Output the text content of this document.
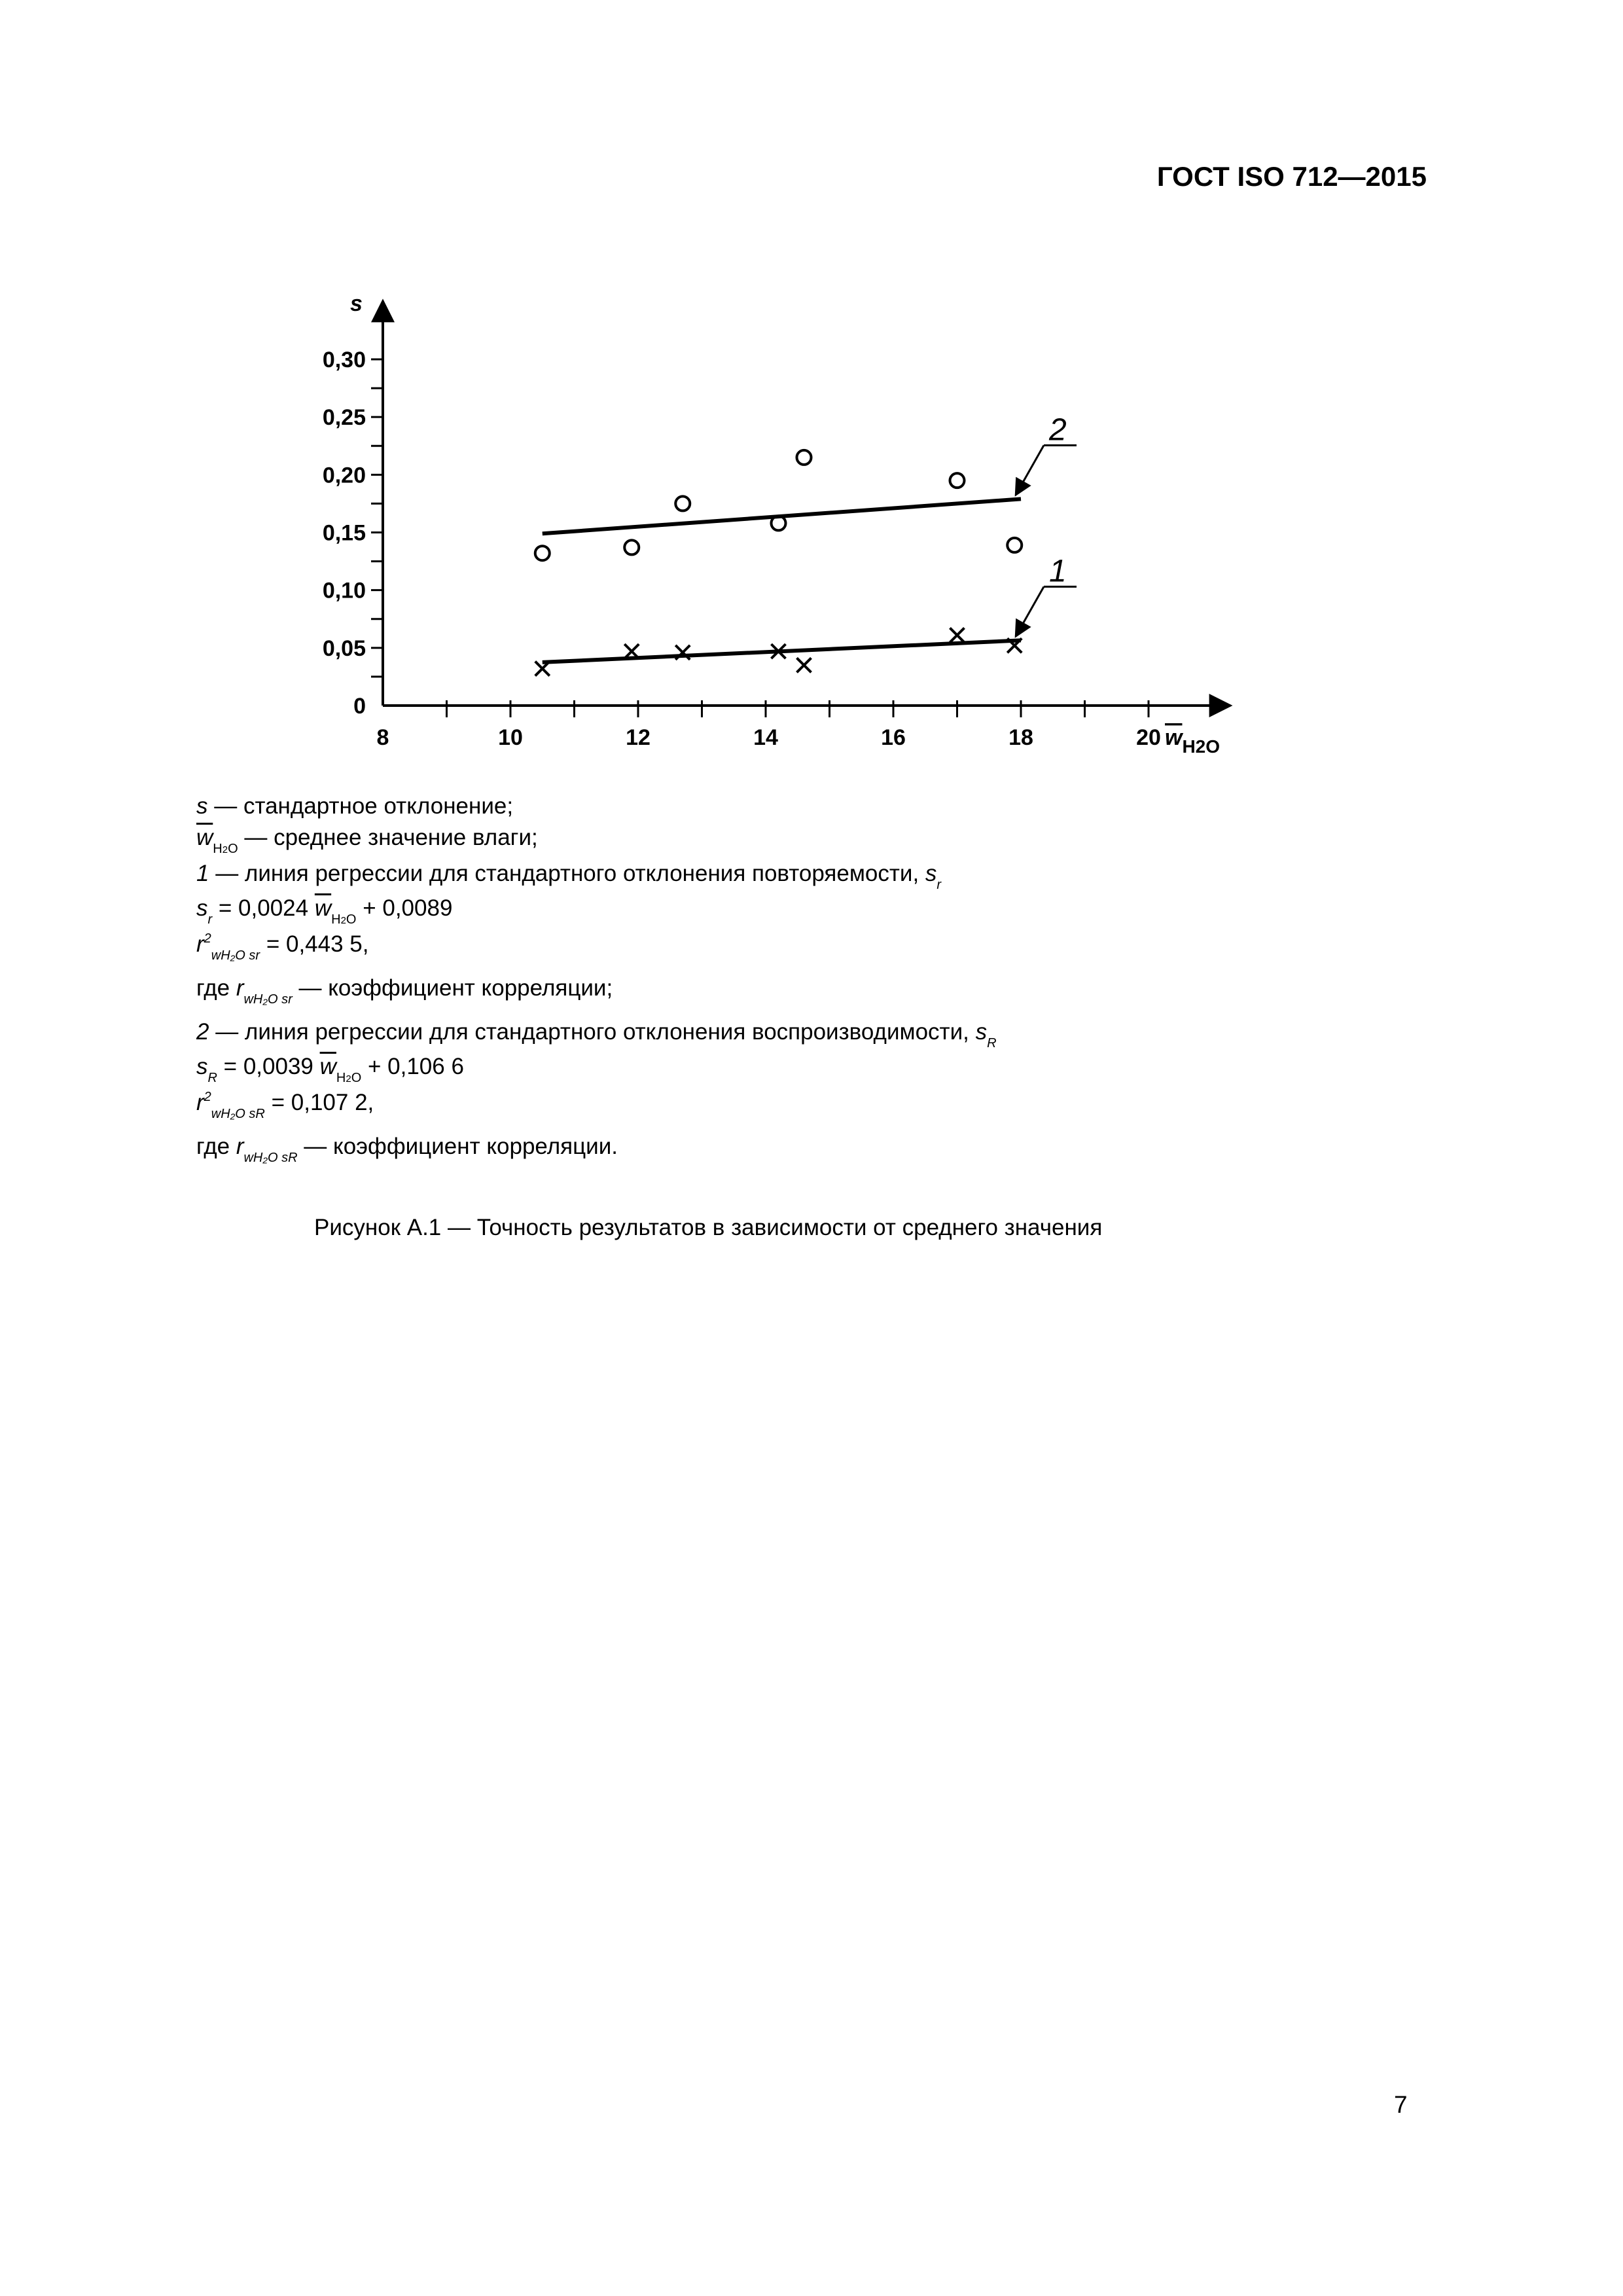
ГОСТ ISO 712—2015
8	10	12	14	16	18	20
0
0,05
0,10
0,15
0,20
0,25
0,30
1
2
s
$w_{H2O}$
s — стандартное отклонение;
$\overline{w}_{H2O}$ — среднее значение влаги;
1 — линия регрессии для стандартного отклонения повторяемости, $s_r$
$s_r = 0,0024$ $\overline{w}_{H2O} + 0,0089$
$r^2_{wH_2O sr} = 0,443$ 5,
где $r_{wH_2O sr}$ — коэффициент корреляции;
2 — линия регрессии для стандартного отклонения воспроизводимости, $s_R$
$s_R = 0,0039$ $\overline{w}_{H2O} + 0,106$ 6
$r^2_{wH_2O sR} = 0,107$ 2,
где $r_{wH_2O sR}$ — коэффициент корреляции.
Рисунок А.1 — Точность результатов в зависимости от среднего значения
7
